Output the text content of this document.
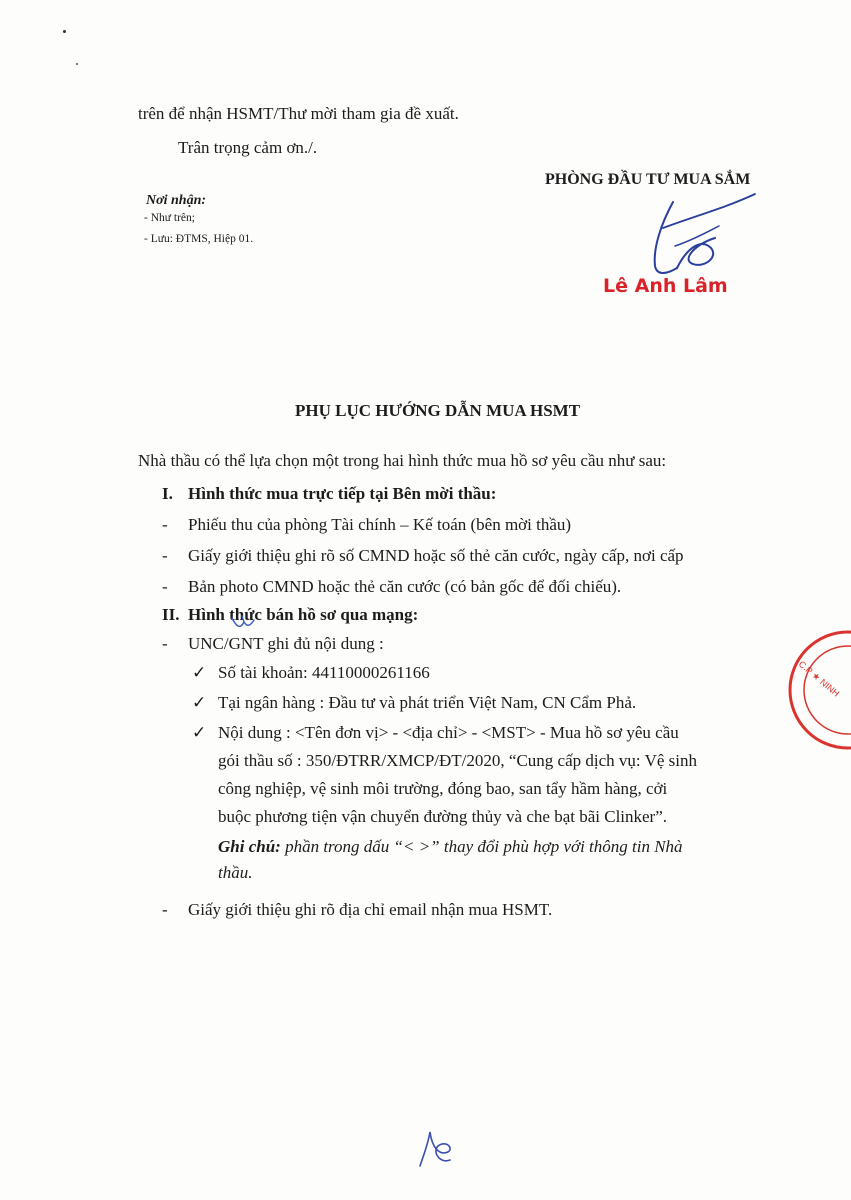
trên để nhận HSMT/Thư mời tham gia đề xuất.
Trân trọng cảm ơn./.
PHÒNG ĐẦU TƯ MUA SẮM
Nơi nhận:
- Như trên;
- Lưu: ĐTMS, Hiệp 01.
Lê Anh Lâm
PHỤ LỤC HƯỚNG DẪN MUA HSMT
Nhà thầu có thể lựa chọn một trong hai hình thức mua hồ sơ yêu cầu như sau:
I. Hình thức mua trực tiếp tại Bên mời thầu:
- Phiếu thu của phòng Tài chính – Kế toán (bên mời thầu)
- Giấy giới thiệu ghi rõ số CMND hoặc số thẻ căn cước, ngày cấp, nơi cấp
- Bản photo CMND hoặc thẻ căn cước (có bản gốc để đối chiếu).
II. Hình thức bán hồ sơ qua mạng:
- UNC/GNT ghi đủ nội dung :
✓ Số tài khoản: 44110000261166
✓ Tại ngân hàng : Đầu tư và phát triển Việt Nam, CN Cẩm Phả.
✓ Nội dung : <Tên đơn vị> - <địa chỉ> - <MST> - Mua hồ sơ yêu cầu
gói thầu số : 350/ĐTRR/XMCP/ĐT/2020, “Cung cấp dịch vụ: Vệ sinh
công nghiệp, vệ sinh môi trường, đóng bao, san tẩy hầm hàng, cởi
buộc phương tiện vận chuyển đường thủy và che bạt bãi Clinker”.
Ghi chú: phần trong dấu “< >” thay đổi phù hợp với thông tin Nhà
thầu.
- Giấy giới thiệu ghi rõ địa chỉ email nhận mua HSMT.
C.P ★ NINH
